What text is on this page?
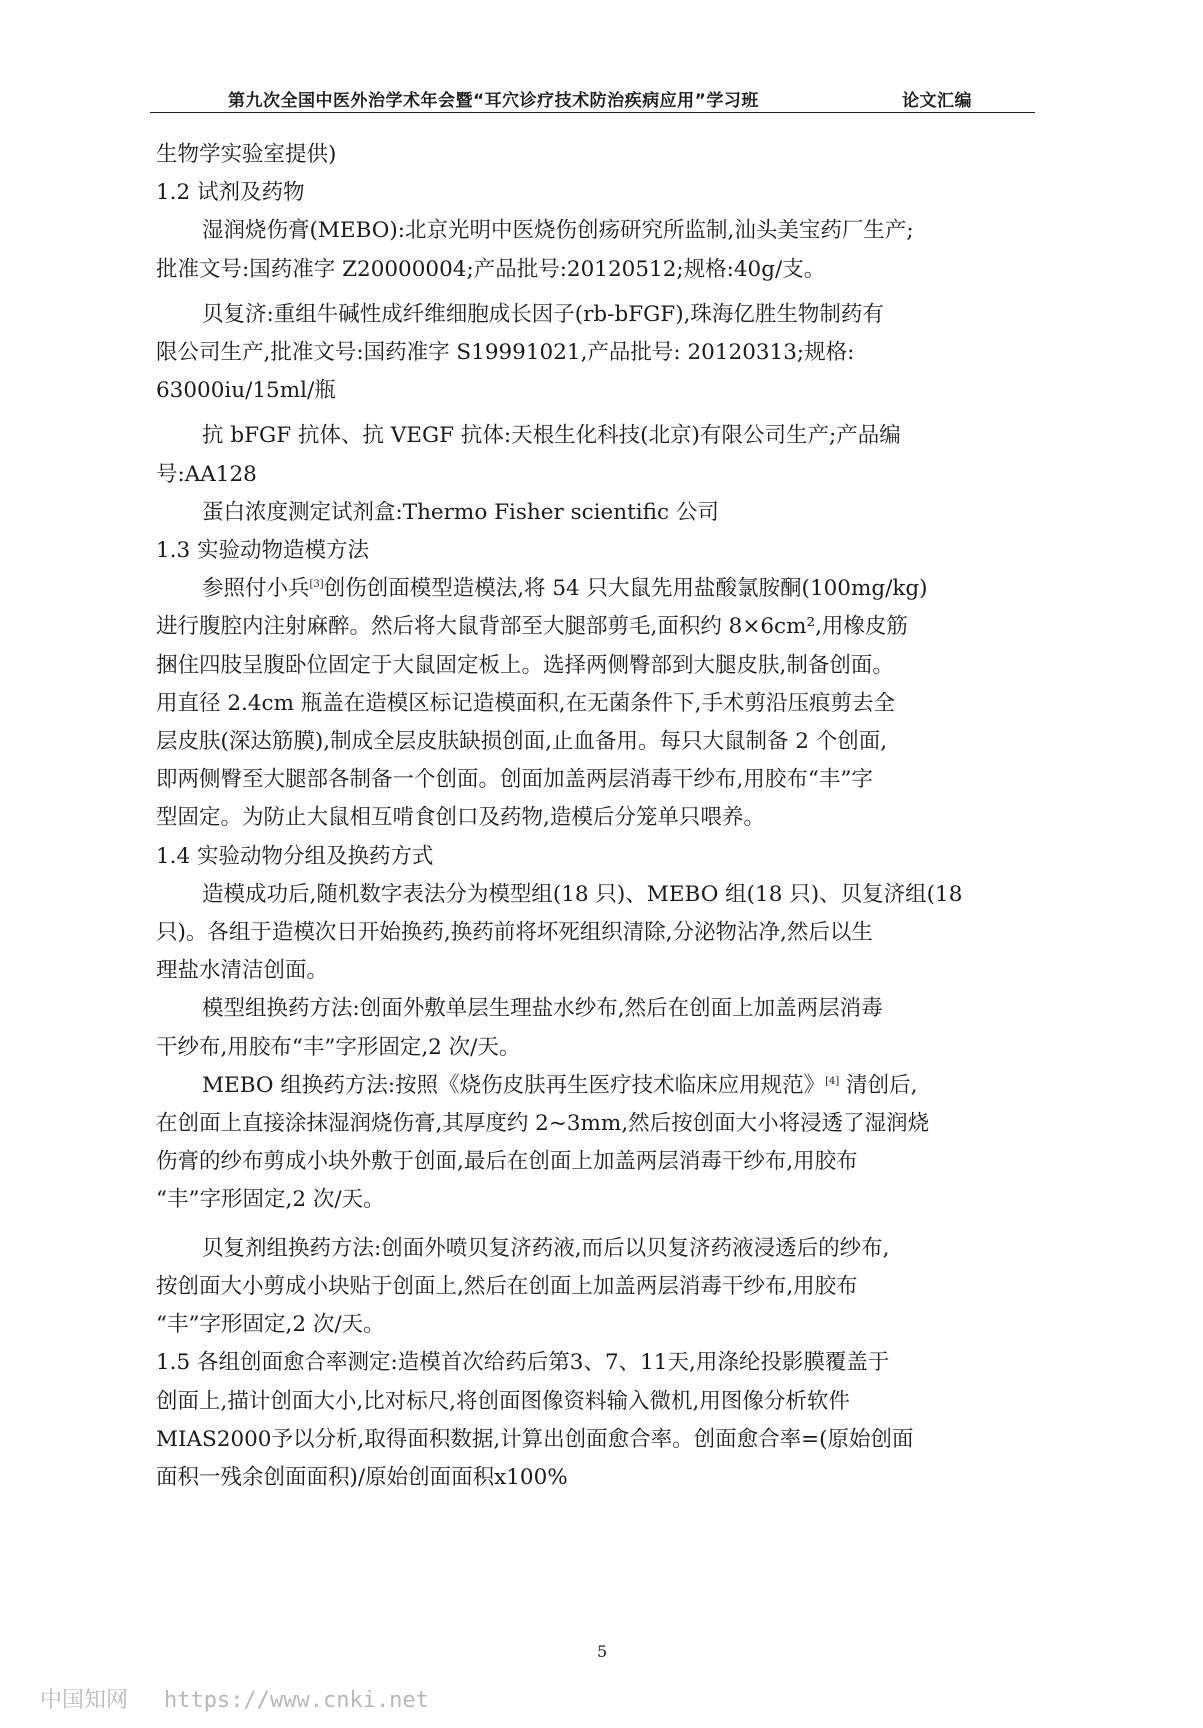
第九次全国中医外治学术年会暨“耳穴诊疗技术防治疾病应用”学习班	论文汇编

生物学实验室提供)

1.2 试剂及药物

湿润烧伤膏(MEBO):北京光明中医烧伤创疡研究所监制,汕头美宝药厂生产;

批准文号:国药准字 Z20000004;产品批号:20120512;规格:40g/支。

贝复济:重组牛碱性成纤维细胞成长因子(rb-bFGF),珠海亿胜生物制药有

限公司生产,批准文号:国药准字 S19991021,产品批号: 20120313;规格:

63000iu/15ml/瓶

抗 bFGF 抗体、抗 VEGF 抗体:天根生化科技(北京)有限公司生产;产品编

号:AA128

蛋白浓度测定试剂盒:Thermo Fisher scientific 公司

1.3 实验动物造模方法

参照付小兵[3]创伤创面模型造模法,将 54 只大鼠先用盐酸氯胺酮(100mg/kg)

进行腹腔内注射麻醉。然后将大鼠背部至大腿部剪毛,面积约 8×6cm²,用橡皮筋

捆住四肢呈腹卧位固定于大鼠固定板上。选择两侧臀部到大腿皮肤,制备创面。

用直径 2.4cm 瓶盖在造模区标记造模面积,在无菌条件下,手术剪沿压痕剪去全

层皮肤(深达筋膜),制成全层皮肤缺损创面,止血备用。每只大鼠制备 2 个创面,

即两侧臀至大腿部各制备一个创面。创面加盖两层消毒干纱布,用胶布“丰”字

型固定。为防止大鼠相互啃食创口及药物,造模后分笼单只喂养。

1.4 实验动物分组及换药方式

造模成功后,随机数字表法分为模型组(18 只)、MEBO 组(18 只)、贝复济组(18

只)。各组于造模次日开始换药,换药前将坏死组织清除,分泌物沾净,然后以生

理盐水清洁创面。

模型组换药方法:创面外敷单层生理盐水纱布,然后在创面上加盖两层消毒

干纱布,用胶布“丰”字形固定,2 次/天。

MEBO 组换药方法:按照《烧伤皮肤再生医疗技术临床应用规范》[4] 清创后,

在创面上直接涂抹湿润烧伤膏,其厚度约 2~3mm,然后按创面大小将浸透了湿润烧

伤膏的纱布剪成小块外敷于创面,最后在创面上加盖两层消毒干纱布,用胶布

“丰”字形固定,2 次/天。

贝复剂组换药方法:创面外喷贝复济药液,而后以贝复济药液浸透后的纱布,

按创面大小剪成小块贴于创面上,然后在创面上加盖两层消毒干纱布,用胶布

“丰”字形固定,2 次/天。

1.5 各组创面愈合率测定:造模首次给药后第3、7、11天,用涤纶投影膜覆盖于

创面上,描计创面大小,比对标尺,将创面图像资料输入微机,用图像分析软件

MIAS2000予以分析,取得面积数据,计算出创面愈合率。创面愈合率=(原始创面

面积一残余创面面积)/原始创面面积x100%

5
中国知网 https://www.cnki.net
